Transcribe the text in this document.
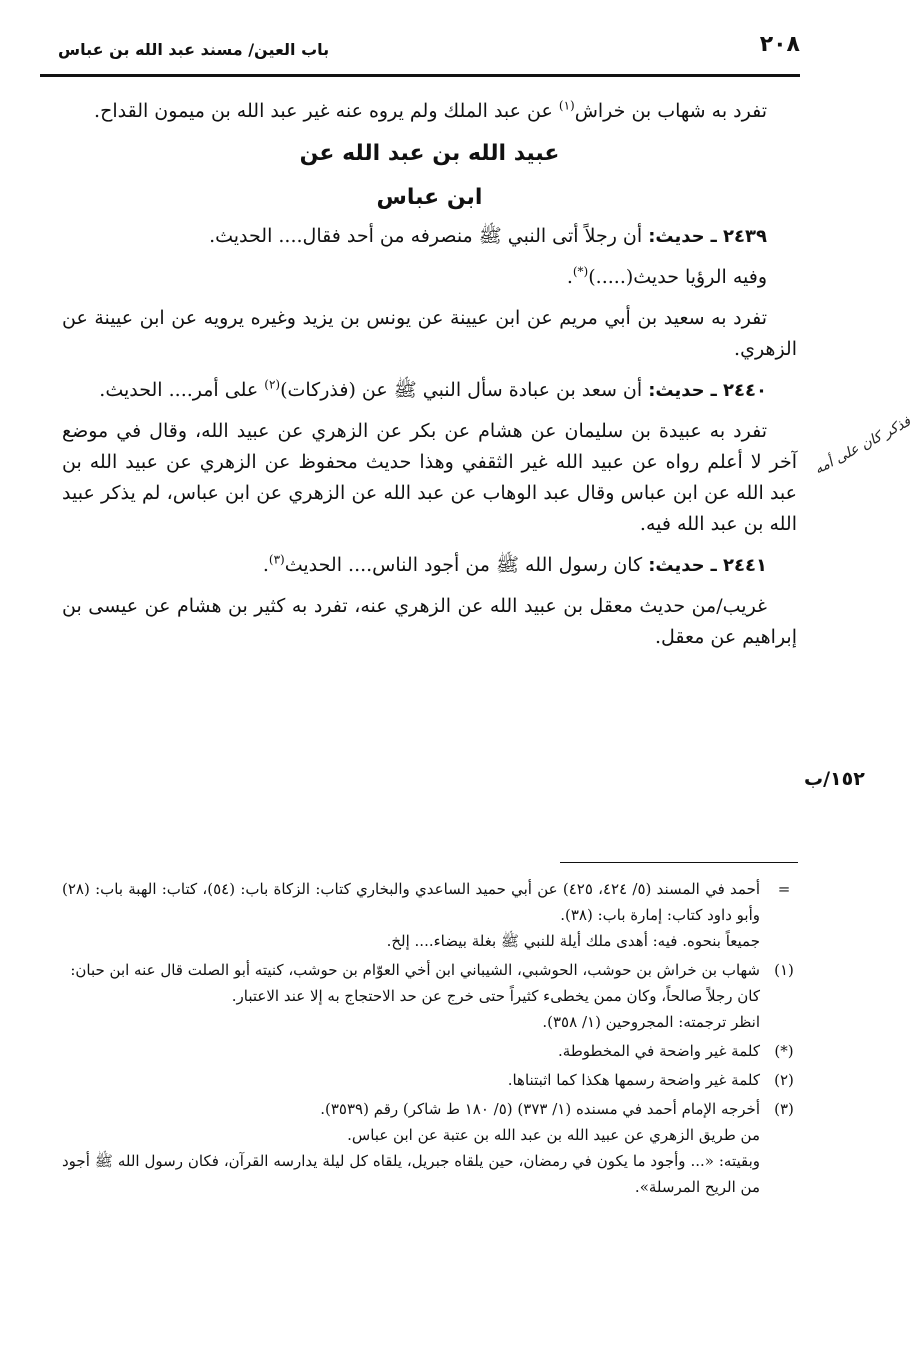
٢٠٨
باب العين/ مسند عبد الله بن عباس

تفرد به شهاب بن خراش$^{(١)}$ عن عبد الملك ولم يروه عنه غير عبد الله بن ميمون القداح.

عبيد الله بن عبد الله عن

ابن عباس

٢٤٣٩ ـ حديث: أن رجلاً أتى النبي ﷺ منصرفه من أحد فقال.... الحديث.

وفيه الرؤيا حديث(.....)(*).

تفرد به سعيد بن أبي مريم عن ابن عيينة عن يونس بن يزيد وغيره يرويه عن ابن عيينة عن الزهري.

٢٤٤٠ ـ حديث: أن سعد بن عبادة سأل النبي ﷺ عن (فذركات)$^{(٢)}$ على أمر.... الحديث.

تفرد به عبيدة بن سليمان عن هشام عن بكر عن الزهري عن عبيد الله، وقال في موضع آخر لا أعلم رواه عن عبيد الله غير الثقفي وهذا حديث محفوظ عن الزهري عن عبيد الله بن عبد الله عن ابن عباس وقال عبد الوهاب عن عبد الله عن الزهري عن ابن عباس، لم يذكر عبيد الله بن عبد الله فيه.

٢٤٤١ ـ حديث: كان رسول الله ﷺ من أجود الناس.... الحديث$^{(٣)}$.

غريب/من حديث معقل بن عبيد الله عن الزهري عنه، تفرد به كثير بن هشام عن عيسى بن إبراهيم عن معقل.

١٥٢/ب
فذكر كان على أمه
=

أحمد في المسند (٥/ ٤٢٤، ٤٢٥) عن أبي حميد الساعدي والبخاري كتاب: الزكاة باب: (٥٤)، كتاب: الهبة باب: (٢٨) وأبو داود كتاب: إمارة باب: (٣٨).

جميعاً بنحوه. فيه: أهدى ملك أيلة للنبي ﷺ بغلة بيضاء.... إلخ.

(١)

شهاب بن خراش بن حوشب، الحوشبي، الشيباني ابن أخي العوّام بن حوشب، كنيته أبو الصلت قال عنه ابن حبان:

كان رجلاً صالحاً، وكان ممن يخطىء كثيراً حتى خرج عن حد الاحتجاج به إلا عند الاعتبار.

انظر ترجمته: المجروحين (١/ ٣٥٨).

(*)

كلمة غير واضحة في المخطوطة.

(٢)

كلمة غير واضحة رسمها هكذا كما اثبتناها.

(٣)

أخرجه الإمام أحمد في مسنده (١/ ٣٧٣) (٥/ ١٨٠ ط شاكر) رقم (٣٥٣٩).

من طريق الزهري عن عبيد الله بن عبد الله بن عتبة عن ابن عباس.

وبقيته: «... وأجود ما يكون في رمضان، حين يلقاه جبريل، يلقاه كل ليلة يدارسه القرآن، فكان رسول الله ﷺ أجود من الريح المرسلة».
